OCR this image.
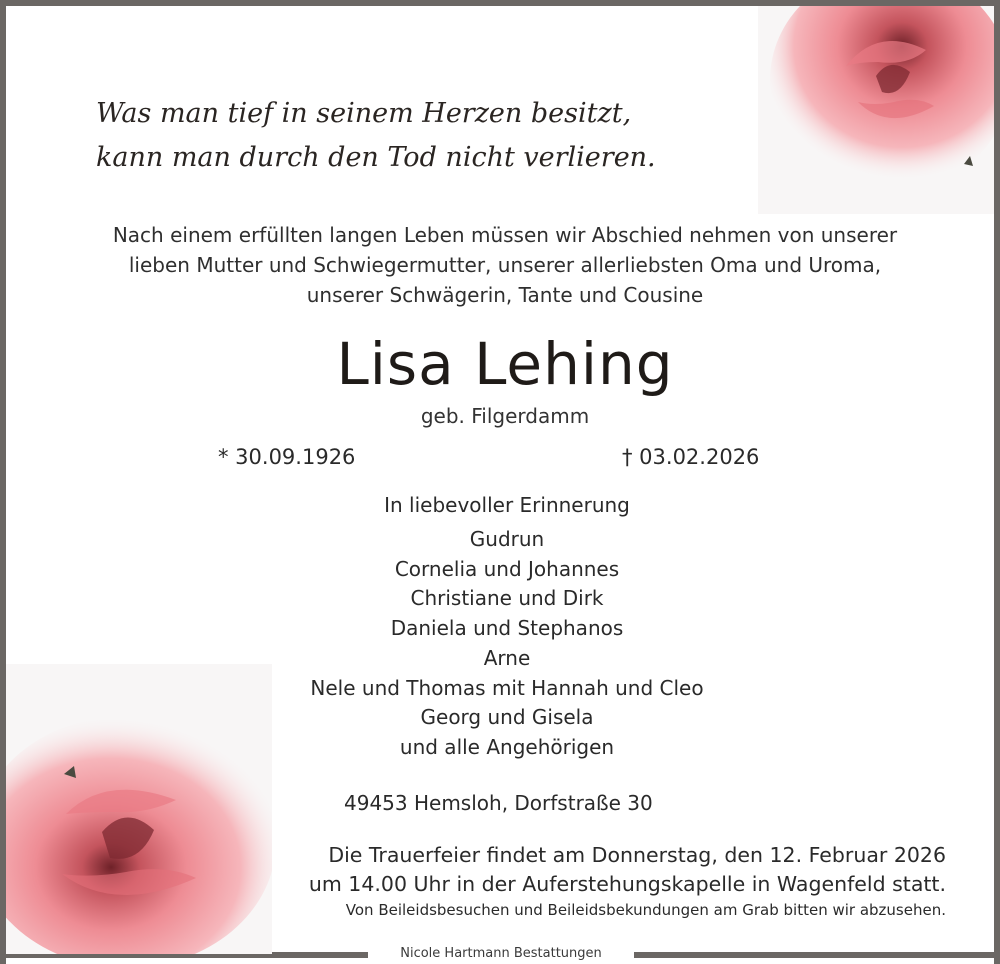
Was man tief in seinem Herzen besitzt,
kann man durch den Tod nicht verlieren.
Nach einem erfüllten langen Leben müssen wir Abschied nehmen von unserer
lieben Mutter und Schwiegermutter, unserer allerliebsten Oma und Uroma,
unserer Schwägerin, Tante und Cousine
Lisa Lehing
geb. Filgerdamm
* 30.09.1926	† 03.02.2026
In liebevoller Erinnerung
Gudrun
Cornelia und Johannes
Christiane und Dirk
Daniela und Stephanos
Arne
Nele und Thomas mit Hannah und Cleo
Georg und Gisela
und alle Angehörigen
49453 Hemsloh, Dorfstraße 30
Die Trauerfeier findet am Donnerstag, den 12. Februar 2026
um 14.00 Uhr in der Auferstehungskapelle in Wagenfeld statt.
Von Beileidsbesuchen und Beileidsbekundungen am Grab bitten wir abzusehen.
Nicole Hartmann Bestattungen
